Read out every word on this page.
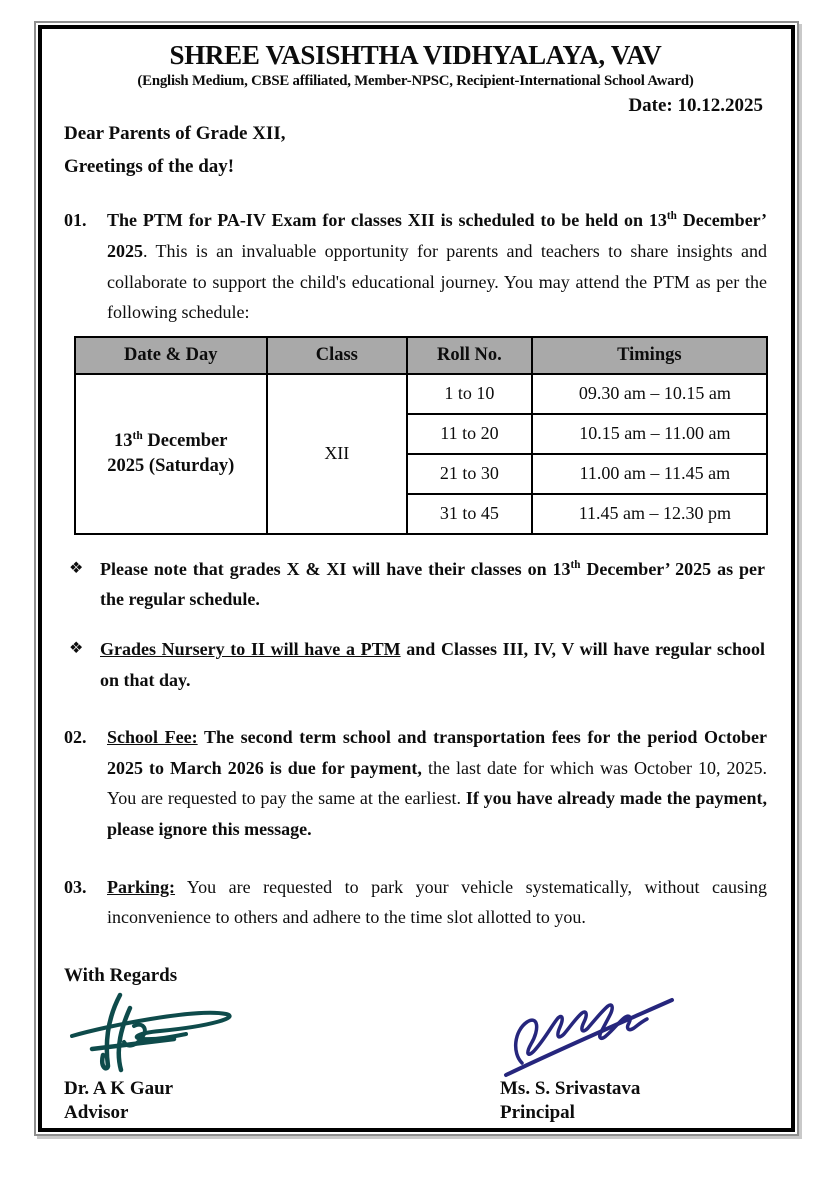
SHREE VASISHTHA VIDHYALAYA, VAV
(English Medium, CBSE affiliated, Member-NPSC, Recipient-International School Award)
Date: 10.12.2025
Dear Parents of Grade XII,
Greetings of the day!
01.	The PTM for PA-IV Exam for classes XII is scheduled to be held on 13th December’ 2025. This is an invaluable opportunity for parents and teachers to share insights and collaborate to support the child's educational journey. You may attend the PTM as per the following schedule:
Date & Day	Class	Roll No.	Timings
13th December
2025 (Saturday)	XII	1 to 10	09.30 am – 10.15 am
		11 to 20	10.15 am – 11.00 am
		21 to 30	11.00 am – 11.45 am
		31 to 45	11.45 am – 12.30 pm
❖ Please note that grades X & XI will have their classes on 13th December’ 2025 as per the regular schedule.
❖ Grades Nursery to II will have a PTM and Classes III, IV, V will have regular school on that day.
02.	School Fee: The second term school and transportation fees for the period October 2025 to March 2026 is due for payment, the last date for which was October 10, 2025. You are requested to pay the same at the earliest. If you have already made the payment, please ignore this message.
03.	Parking: You are requested to park your vehicle systematically, without causing inconvenience to others and adhere to the time slot allotted to you.
With Regards
Dr. A K Gaur
Advisor
Ms. S. Srivastava
Principal
